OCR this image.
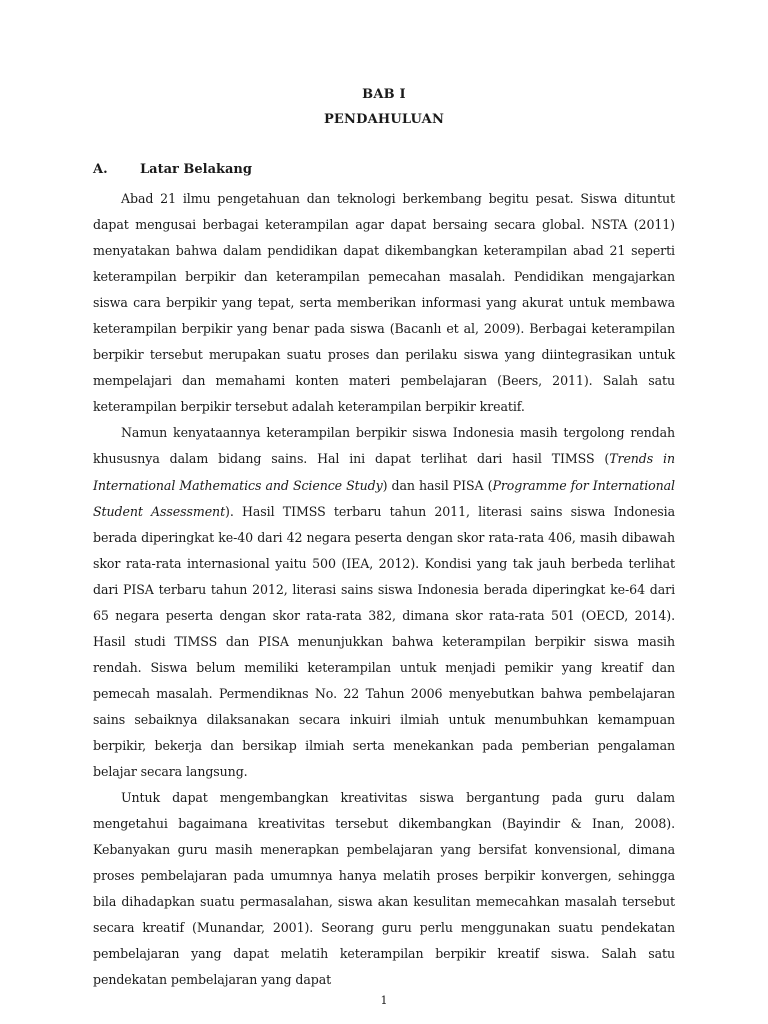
BAB I
PENDAHULUAN
A. Latar Belakang

Abad 21 ilmu pengetahuan dan teknologi berkembang begitu pesat. Siswa dituntut dapat mengusai berbagai keterampilan agar dapat bersaing secara global. NSTA (2011) menyatakan bahwa dalam pendidikan dapat dikembangkan keterampilan abad 21 seperti keterampilan berpikir dan keterampilan pemecahan masalah. Pendidikan mengajarkan siswa cara berpikir yang tepat, serta memberikan informasi yang akurat untuk membawa keterampilan berpikir yang benar pada siswa (Bacanlı et al, 2009). Berbagai keterampilan berpikir tersebut merupakan suatu proses dan perilaku siswa yang diintegrasikan untuk mempelajari dan memahami konten materi pembelajaran (Beers, 2011). Salah satu keterampilan berpikir tersebut adalah keterampilan berpikir kreatif.

Namun kenyataannya keterampilan berpikir siswa Indonesia masih tergolong rendah khususnya dalam bidang sains. Hal ini dapat terlihat dari hasil TIMSS (Trends in International Mathematics and Science Study) dan hasil PISA (Programme for International Student Assessment). Hasil TIMSS terbaru tahun 2011, literasi sains siswa Indonesia berada diperingkat ke-40 dari 42 negara peserta dengan skor rata-rata 406, masih dibawah skor rata-rata internasional yaitu 500 (IEA, 2012). Kondisi yang tak jauh berbeda terlihat dari PISA terbaru tahun 2012, literasi sains siswa Indonesia berada diperingkat ke-64 dari 65 negara peserta dengan skor rata-rata 382, dimana skor rata-rata 501 (OECD, 2014). Hasil studi TIMSS dan PISA menunjukkan bahwa keterampilan berpikir siswa masih rendah. Siswa belum memiliki keterampilan untuk menjadi pemikir yang kreatif dan pemecah masalah. Permendiknas No. 22 Tahun 2006 menyebutkan bahwa pembelajaran sains sebaiknya dilaksanakan secara inkuiri ilmiah untuk menumbuhkan kemampuan berpikir, bekerja dan bersikap ilmiah serta menekankan pada pemberian pengalaman belajar secara langsung.

Untuk dapat mengembangkan kreativitas siswa bergantung pada guru dalam mengetahui bagaimana kreativitas tersebut dikembangkan (Bayindir & Inan, 2008). Kebanyakan guru masih menerapkan pembelajaran yang bersifat konvensional, dimana proses pembelajaran pada umumnya hanya melatih proses berpikir konvergen, sehingga bila dihadapkan suatu permasalahan, siswa akan kesulitan memecahkan masalah tersebut secara kreatif (Munandar, 2001). Seorang guru perlu menggunakan suatu pendekatan pembelajaran yang dapat melatih keterampilan berpikir kreatif siswa. Salah satu pendekatan pembelajaran yang dapat

1
